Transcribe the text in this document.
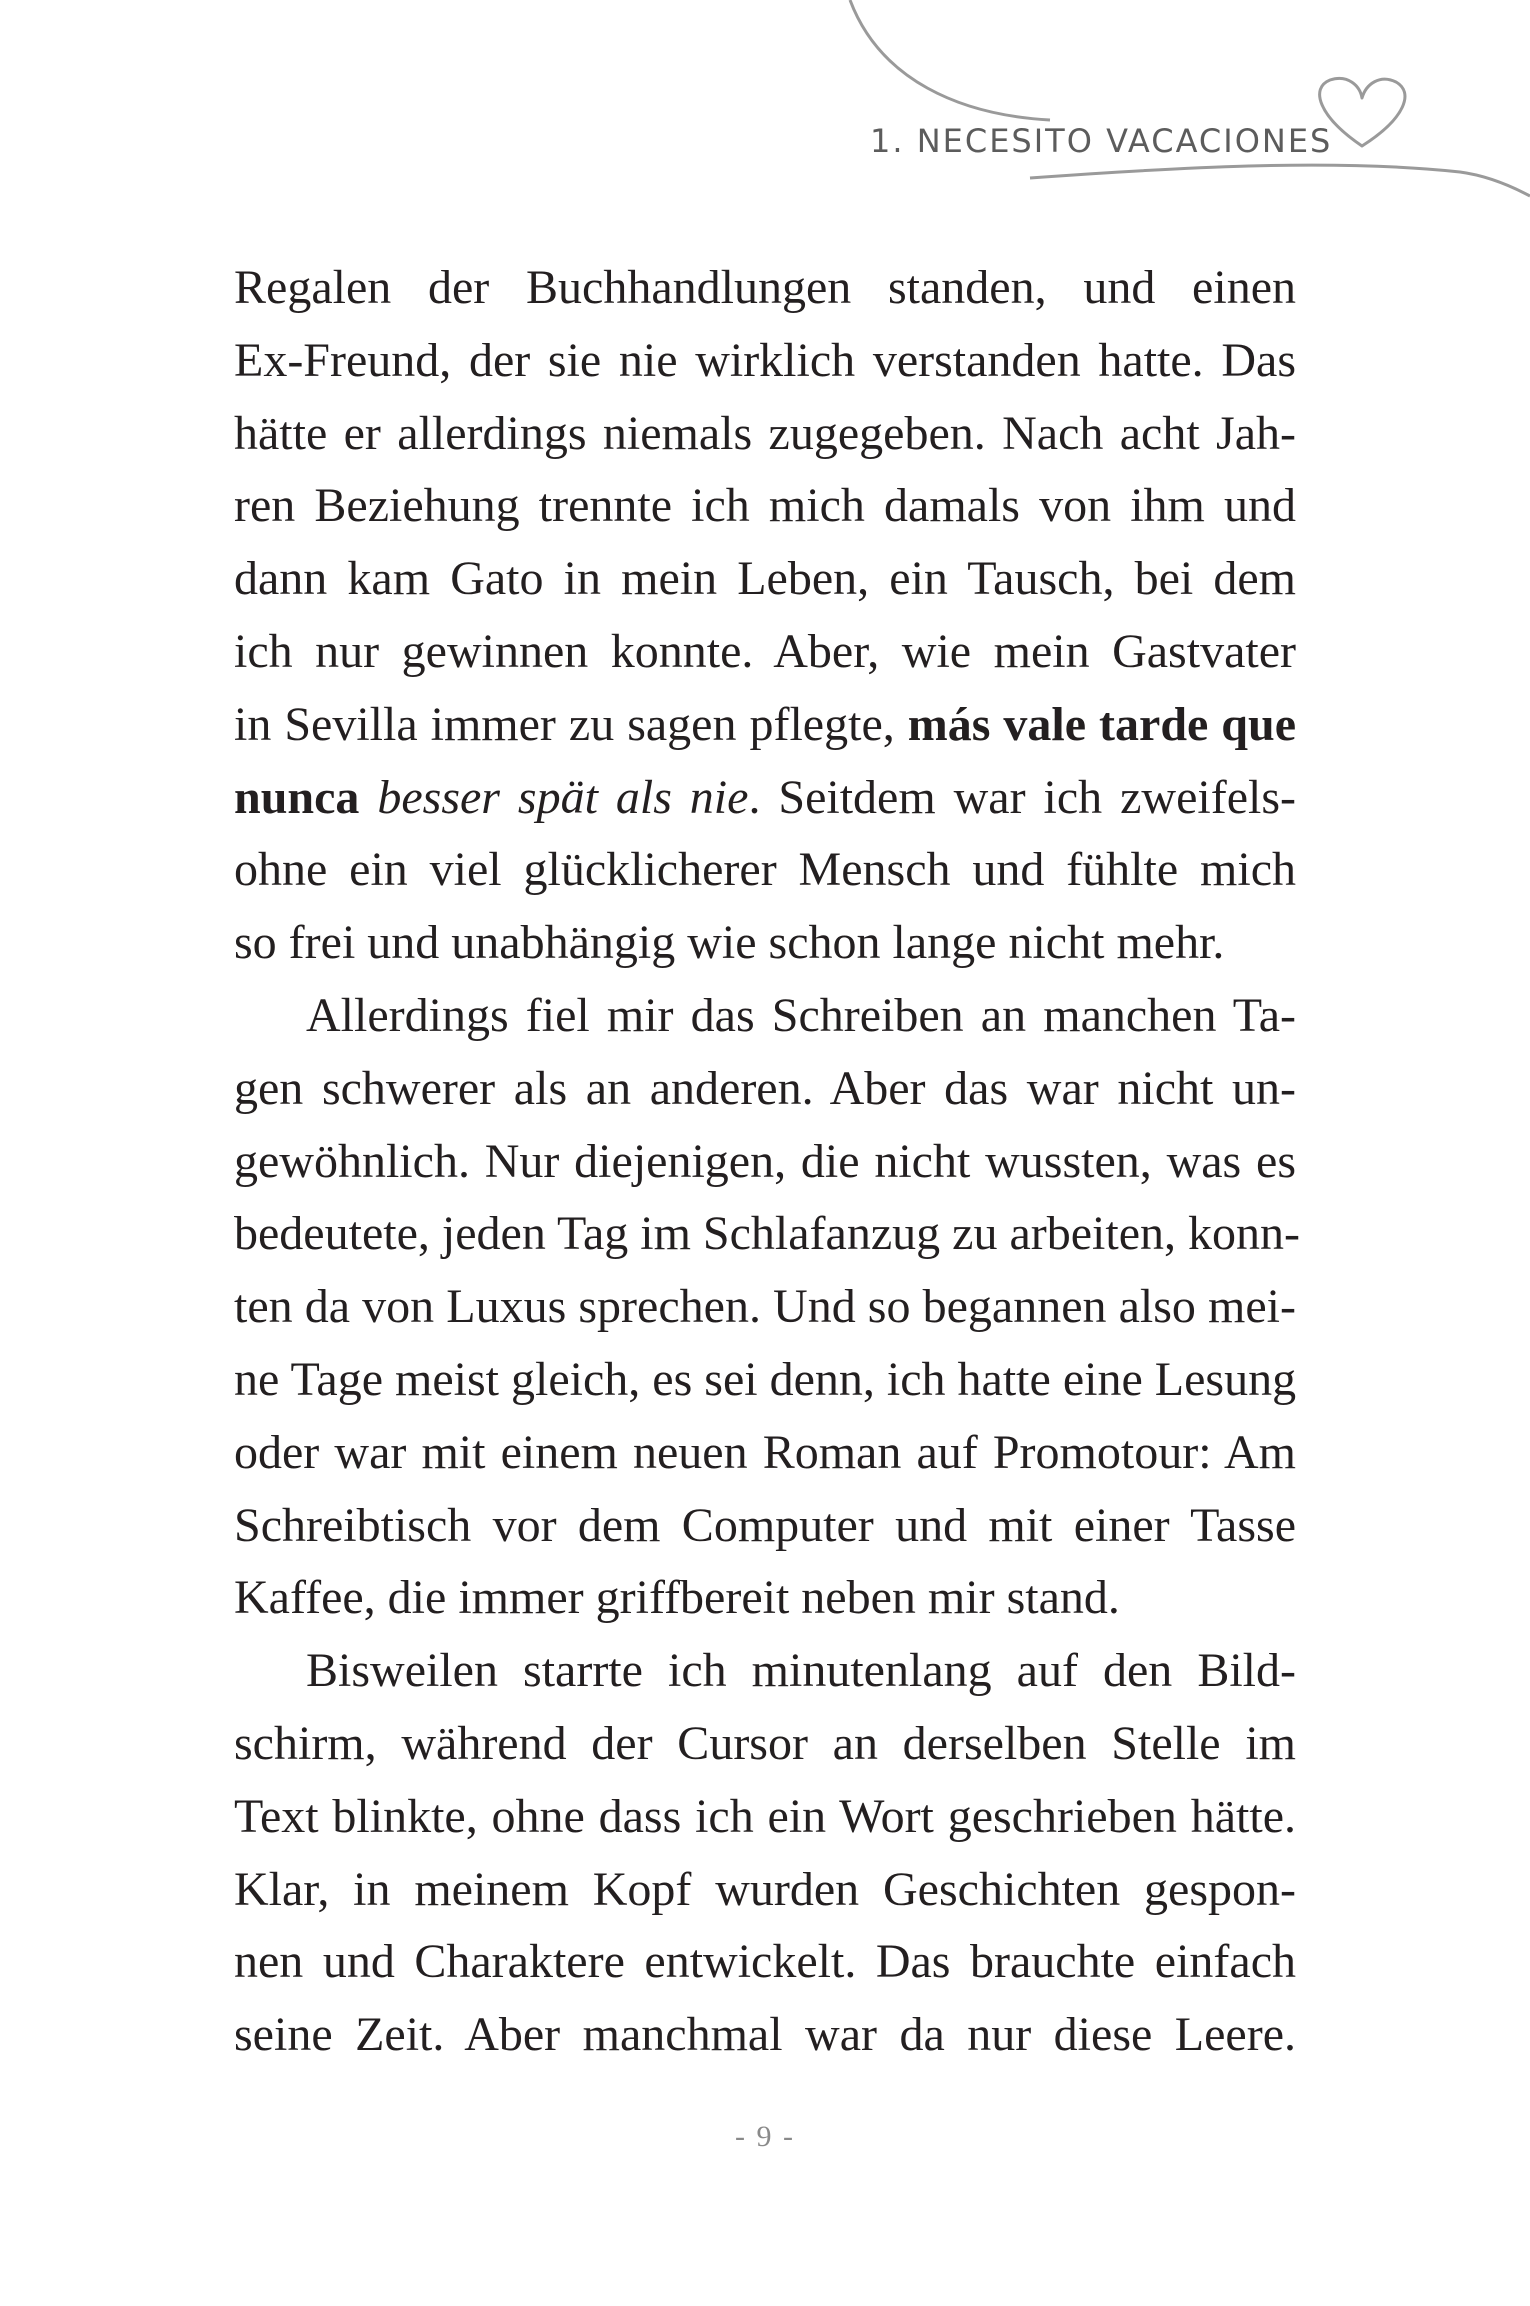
1. NECESITO VACACIONES
Regalen der Buchhandlungen standen, und einen
Ex-Freund, der sie nie wirklich verstanden hatte. Das
hätte er allerdings niemals zugegeben. Nach acht Jah-
ren Beziehung trennte ich mich damals von ihm und
dann kam Gato in mein Leben, ein Tausch, bei dem
ich nur gewinnen konnte. Aber, wie mein Gastvater
in Sevilla immer zu sagen pflegte, más vale tarde que
nunca besser spät als nie. Seitdem war ich zweifels-
ohne ein viel glücklicherer Mensch und fühlte mich
so frei und unabhängig wie schon lange nicht mehr.
Allerdings fiel mir das Schreiben an manchen Ta-
gen schwerer als an anderen. Aber das war nicht un-
gewöhnlich. Nur diejenigen, die nicht wussten, was es
bedeutete, jeden Tag im Schlafanzug zu arbeiten, konn-
ten da von Luxus sprechen. Und so begannen also mei-
ne Tage meist gleich, es sei denn, ich hatte eine Lesung
oder war mit einem neuen Roman auf Promotour: Am
Schreibtisch vor dem Computer und mit einer Tasse
Kaffee, die immer griffbereit neben mir stand.
Bisweilen starrte ich minutenlang auf den Bild-
schirm, während der Cursor an derselben Stelle im
Text blinkte, ohne dass ich ein Wort geschrieben hätte.
Klar, in meinem Kopf wurden Geschichten gespon-
nen und Charaktere entwickelt. Das brauchte einfach
seine Zeit. Aber manchmal war da nur diese Leere.
- 9 -
